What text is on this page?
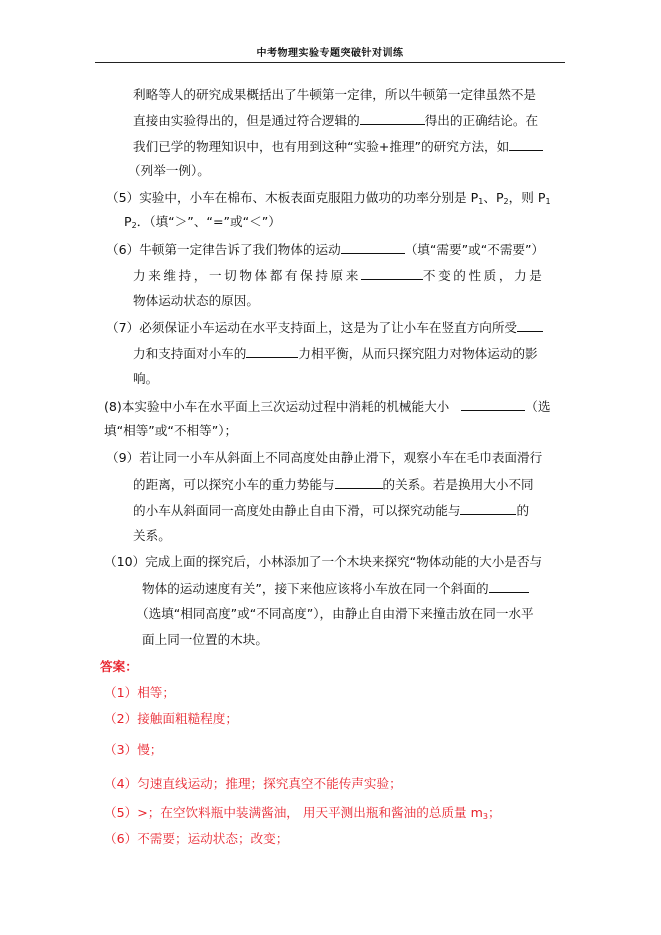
中考物理实验专题突破针对训练
利略等人的研究成果概括出了牛顿第一定律，所以牛顿第一定律虽然不是
直接由实验得出的，但是通过符合逻辑的	得出的正确结论。在
我们已学的物理知识中，也有用到这种“实验+推理”的研究方法，如
（列举一例）。
（5）实验中，小车在棉布、木板表面克服阻力做功的功率分别是 $P_1$、$P_2$，则 $P_1$
$P_2$．（填“＞”、“=”或“＜”）
（6）牛顿第一定律告诉了我们物体的运动	（填“需要”或“不需要”）
力来维持，一切物体都有保持原来	不变的性质，力是
物体运动状态的原因。
（7）必须保证小车运动在水平支持面上，这是为了让小车在竖直方向所受
力和支持面对小车的	力相平衡，从而只探究阻力对物体运动的影
响。
(8)本实验中小车在水平面上三次运动过程中消耗的机械能大小	（选
填“相等”或“不相等”）；
（9）若让同一小车从斜面上不同高度处由静止滑下，观察小车在毛巾表面滑行
的距离，可以探究小车的重力势能与	的关系。若是换用大小不同
的小车从斜面同一高度处由静止自由下滑，可以探究动能与	的
关系。
（10）完成上面的探究后，小林添加了一个木块来探究“物体动能的大小是否与
物体的运动速度有关”，接下来他应该将小车放在同一个斜面的
（选填“相同高度”或“不同高度”），由静止自由滑下来撞击放在同一水平
面上同一位置的木块。
答案：
（1）相等；
（2）接触面粗糙程度；
（3）慢；
（4）匀速直线运动；推理；探究真空不能传声实验；
（5）>；在空饮料瓶中装满酱油， 用天平测出瓶和酱油的总质量 $m_3$；
（6）不需要；运动状态；改变；
